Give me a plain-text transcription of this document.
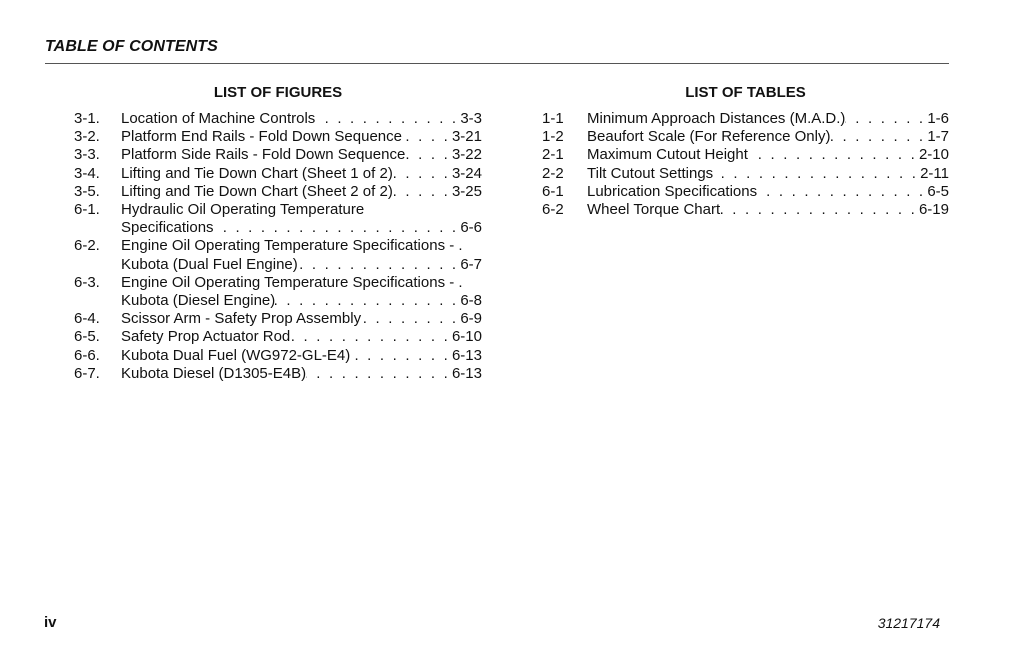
TABLE OF CONTENTS
LIST OF FIGURES
3-1.	Location of Machine Controls . . .	3-3
3-2.	Platform End Rails - Fold Down Sequence . . .	3-21
3-3.	Platform Side Rails - Fold Down Sequence . . .	3-22
3-4.	Lifting and Tie Down Chart (Sheet 1 of 2) . . .	3-24
3-5.	Lifting and Tie Down Chart (Sheet 2 of 2) . . .	3-25
6-1.	Hydraulic Oil Operating Temperature
Specifications . . .	6-6
6-2.	Engine Oil Operating Temperature Specifications - .
Kubota (Dual Fuel Engine) . . .	6-7
6-3.	Engine Oil Operating Temperature Specifications - .
Kubota (Diesel Engine) . . .	6-8
6-4.	Scissor Arm - Safety Prop Assembly . . .	6-9
6-5.	Safety Prop Actuator Rod . . .	6-10
6-6.	Kubota Dual Fuel (WG972-GL-E4) . . .	6-13
6-7.	Kubota Diesel (D1305-E4B) . . .	6-13
LIST OF TABLES
1-1	Minimum Approach Distances (M.A.D.) . . .	1-6
1-2	Beaufort Scale (For Reference Only) . . .	1-7
2-1	Maximum Cutout Height . . .	2-10
2-2	Tilt Cutout Settings . . .	2-11
6-1	Lubrication Specifications . . .	6-5
6-2	Wheel Torque Chart . . .	6-19
iv	31217174
